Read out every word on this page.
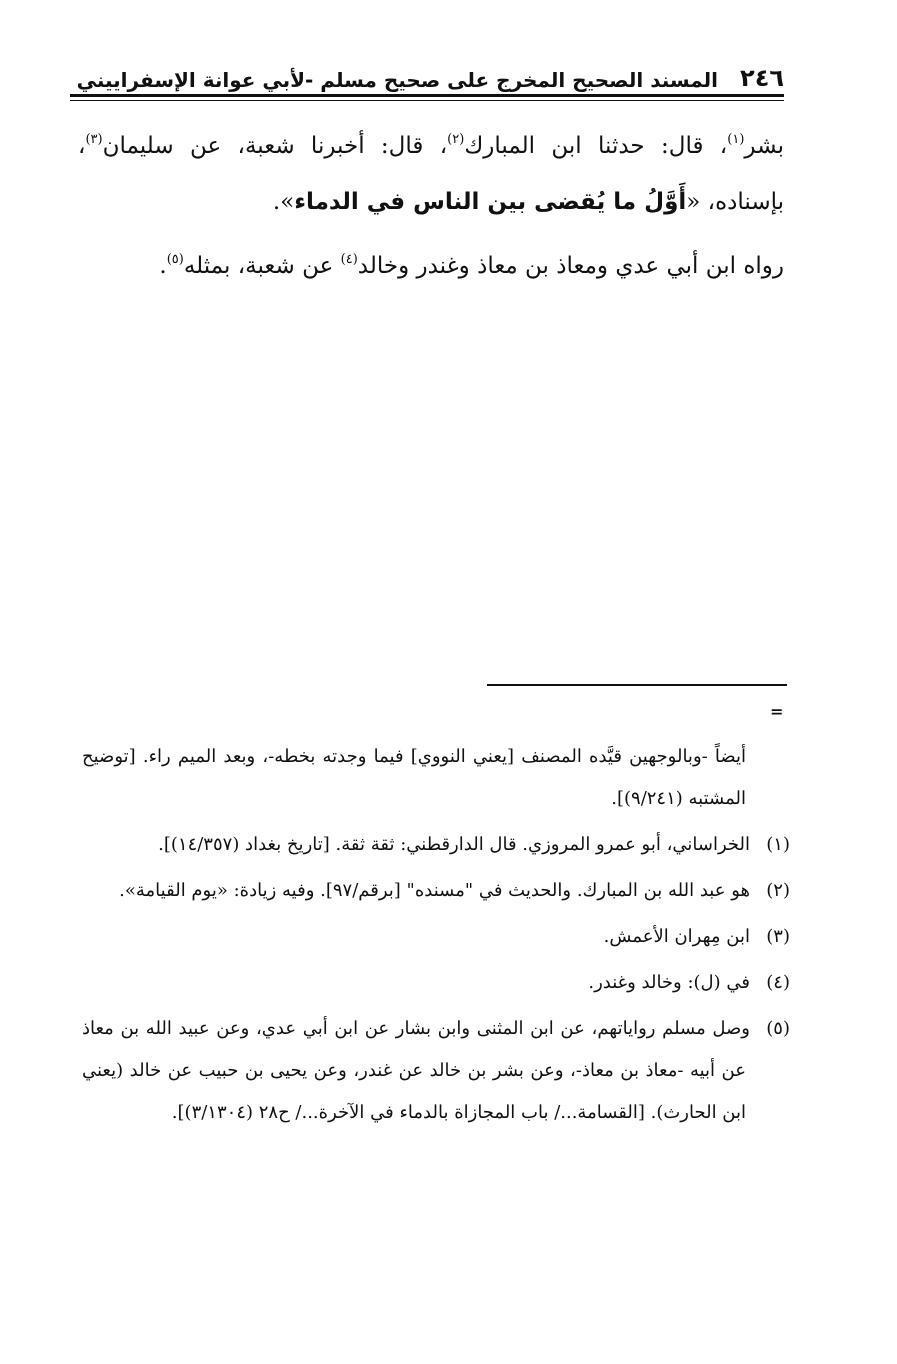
٢٤٦
المسند الصحيح المخرج على صحيح مسلم -لأبي عوانة الإسفراييني

بشر$^{(١)}$، قال: حدثنا ابن المبارك$^{(٢)}$، قال: أخبرنا شعبة، عن سليمان$^{(٣)}$، بإسناده، «أَوَّلُ ما يُقضى بين الناس في الدماء».

رواه ابن أبي عدي ومعاذ بن معاذ وغندر وخالد$^{(٤)}$ عن شعبة، بمثله$^{(٥)}$.

=

أيضاً -وبالوجهين قيَّده المصنف [يعني النووي] فيما وجدته بخطه-، وبعد الميم راء. [توضيح المشتبه (٩/٢٤١)].

(١)الخراساني، أبو عمرو المروزي. قال الدارقطني: ثقة ثقة. [تاريخ بغداد (١٤/٣٥٧)].

(٢)هو عبد الله بن المبارك. والحديث في "مسنده" [برقم/٩٧]. وفيه زيادة: «يوم القيامة».

(٣)ابن مِهران الأعمش.

(٤)في (ل): وخالد وغندر.

(٥)وصل مسلم رواياتهم، عن ابن المثنى وابن بشار عن ابن أبي عدي، وعن عبيد الله بن معاذ عن أبيه -معاذ بن معاذ-، وعن بشر بن خالد عن غندر، وعن يحيى بن حبيب عن خالد (يعني ابن الحارث). [القسامة.../ باب المجازاة بالدماء في الآخرة.../ ح٢٨ (٣/١٣٠٤)].
